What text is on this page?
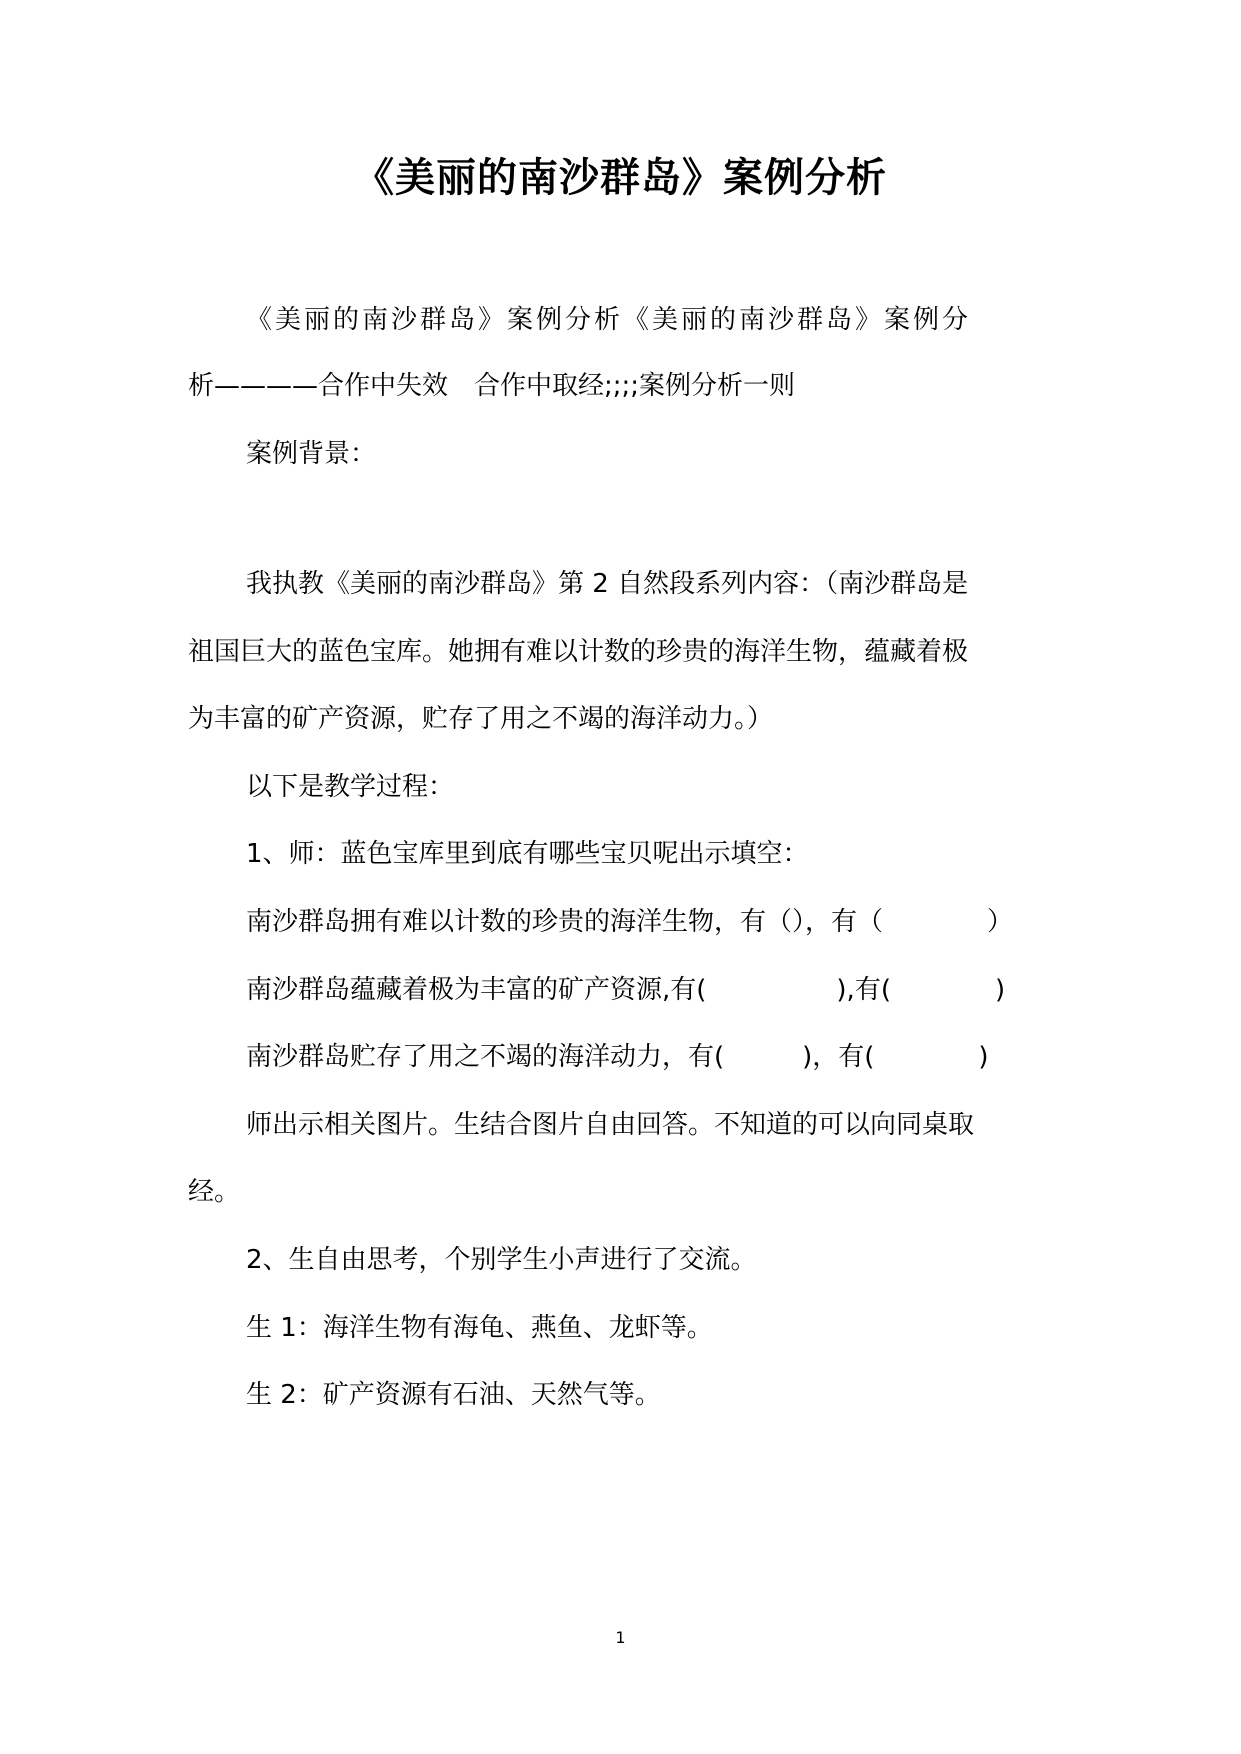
《美丽的南沙群岛》案例分析
《美丽的南沙群岛》案例分析《美丽的南沙群岛》案例分
析————合作中失效　合作中取经;;;;案例分析一则
案例背景：
我执教《美丽的南沙群岛》第 2 自然段系列内容：（南沙群岛是
祖国巨大的蓝色宝库。她拥有难以计数的珍贵的海洋生物，蕴藏着极
为丰富的矿产资源，贮存了用之不竭的海洋动力。）
以下是教学过程：
1、师：蓝色宝库里到底有哪些宝贝呢出示填空：
南沙群岛拥有难以计数的珍贵的海洋生物，有（），有（　　　　）
南沙群岛蕴藏着极为丰富的矿产资源,有(　　　　　),有(　　　　)
南沙群岛贮存了用之不竭的海洋动力，有(　　　)，有(　　　　)
师出示相关图片。生结合图片自由回答。不知道的可以向同桌取
经。
2、生自由思考，个别学生小声进行了交流。
生 1：海洋生物有海龟、燕鱼、龙虾等。
生 2：矿产资源有石油、天然气等。
1
